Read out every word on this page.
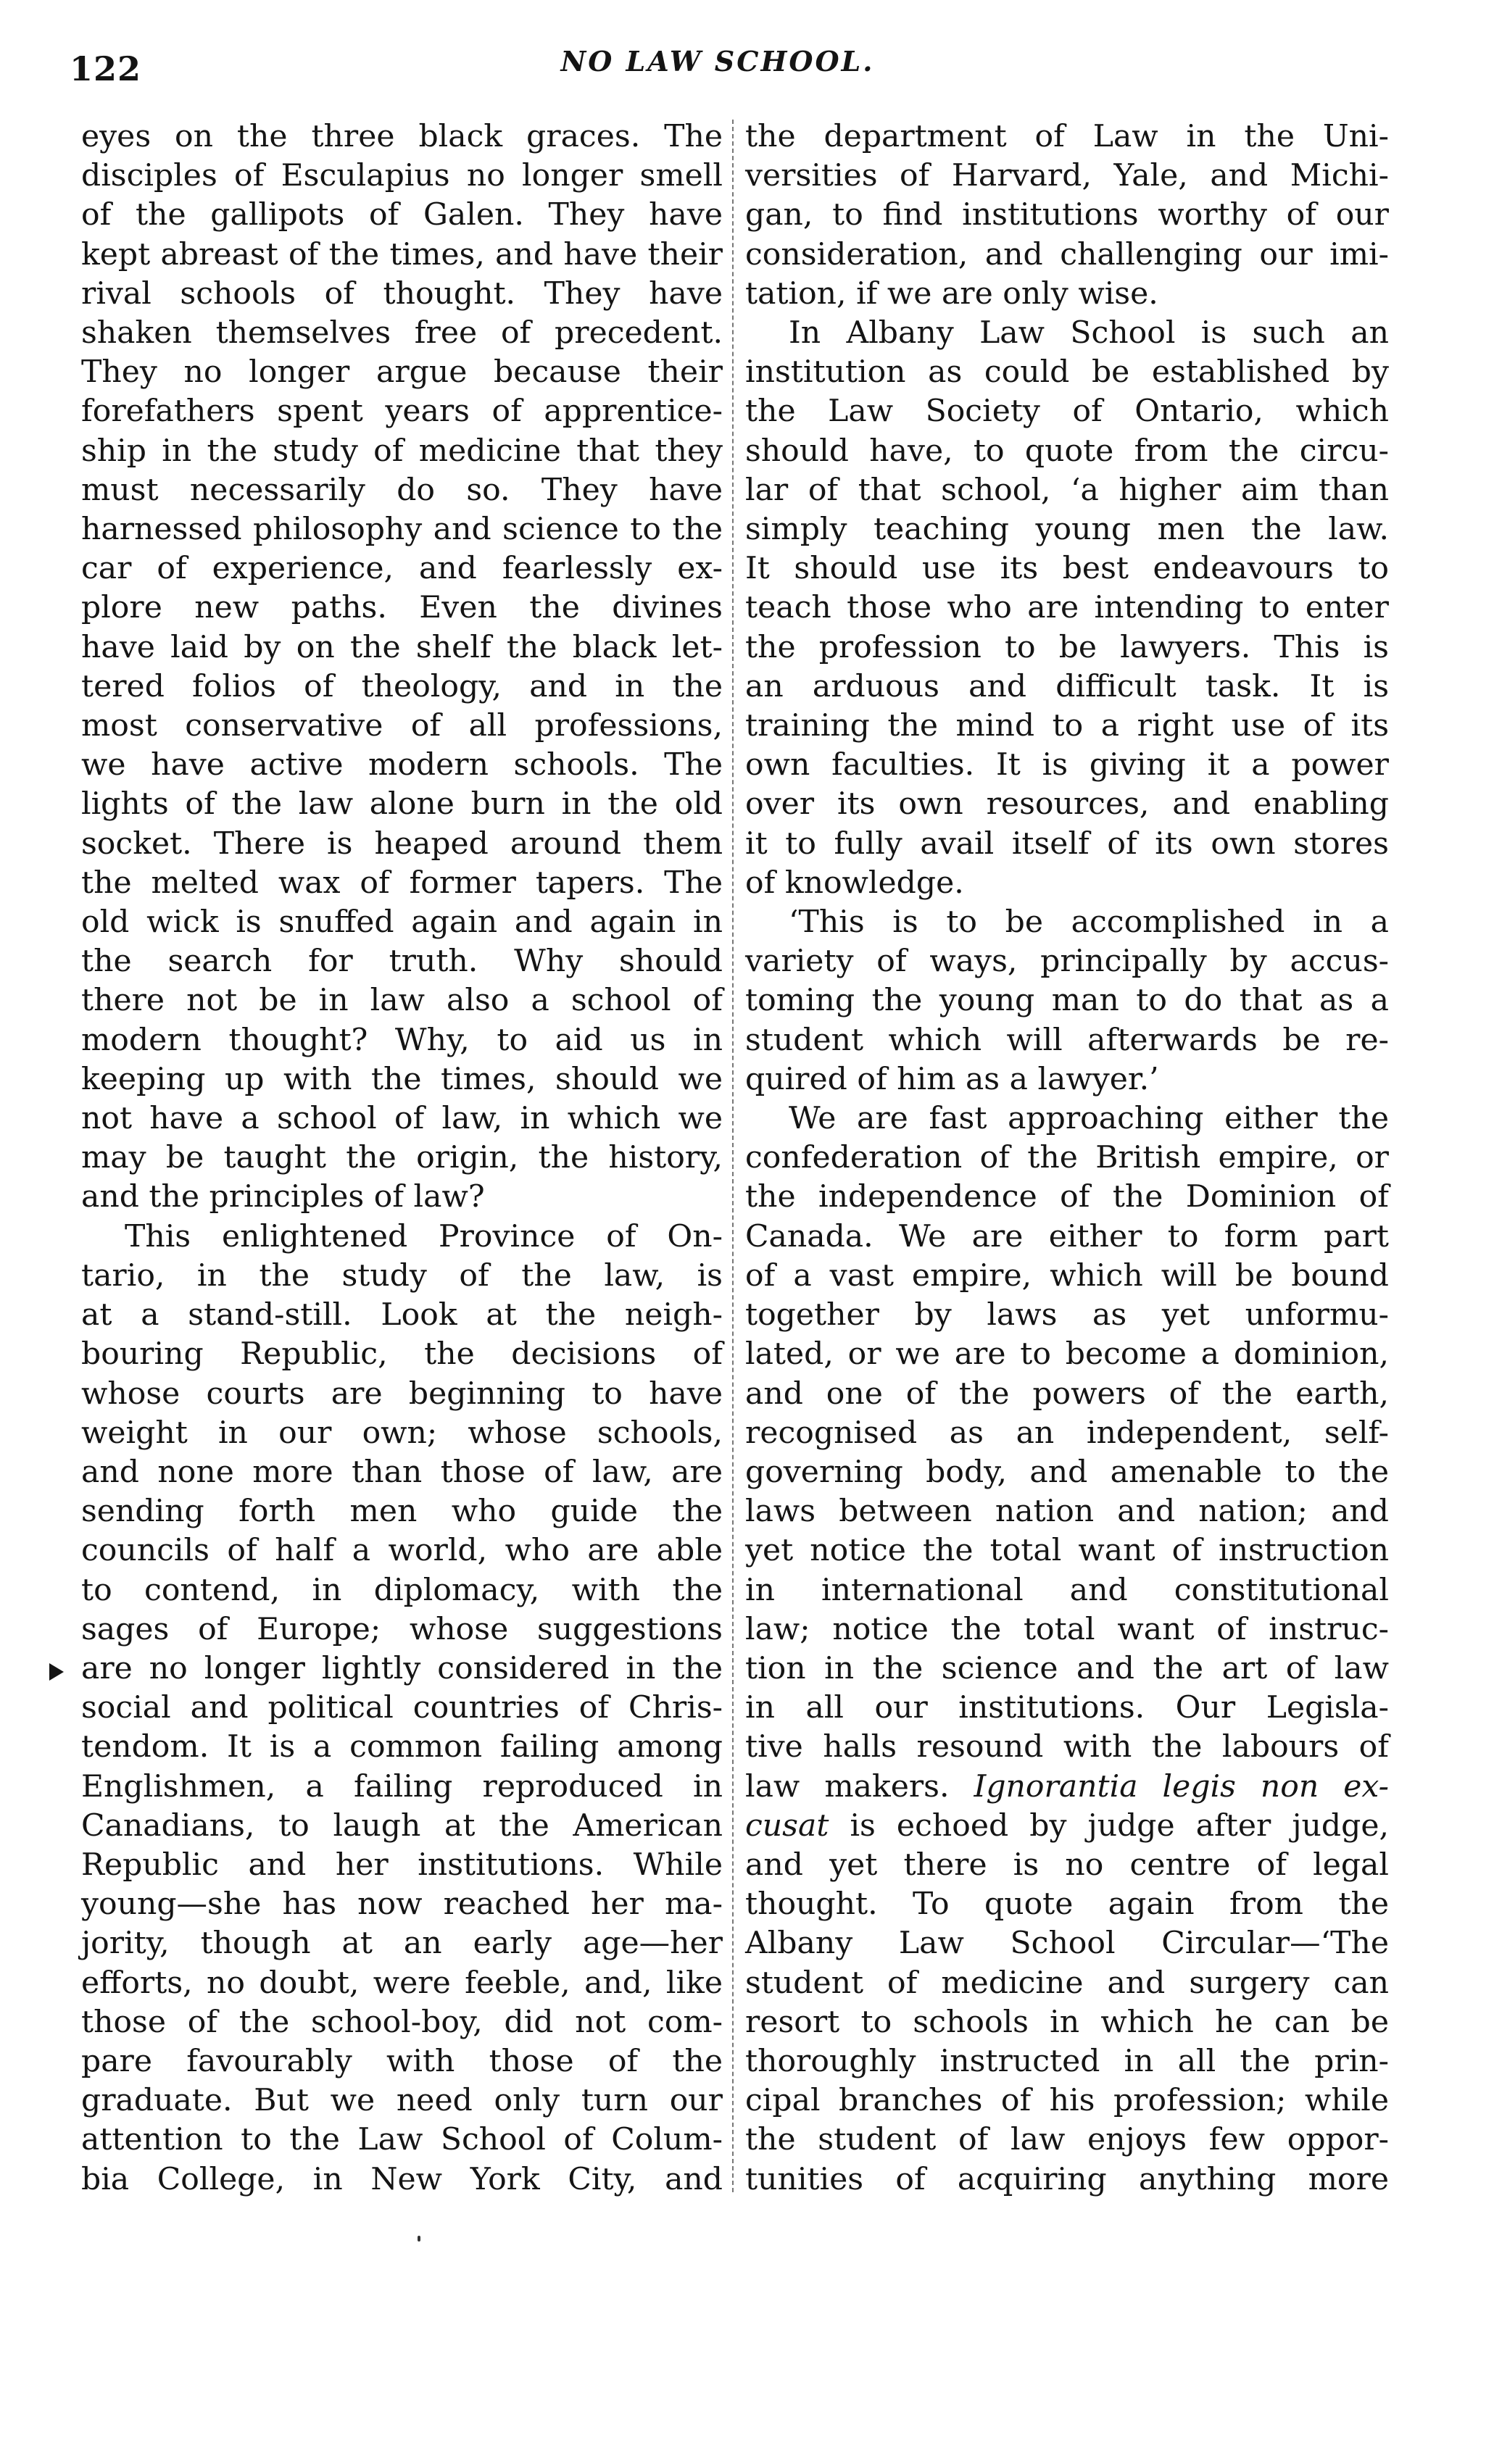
122	NO LAW SCHOOL.
eyes on the three black graces. The
disciples of Esculapius no longer smell
of the gallipots of Galen. They have
kept abreast of the times, and have their
rival schools of thought. They have
shaken themselves free of precedent.
They no longer argue because their
forefathers spent years of apprentice-
ship in the study of medicine that they
must necessarily do so. They have
harnessed philosophy and science to the
car of experience, and fearlessly ex-
plore new paths. Even the divines
have laid by on the shelf the black let-
tered folios of theology, and in the
most conservative of all professions,
we have active modern schools. The
lights of the law alone burn in the old
socket. There is heaped around them
the melted wax of former tapers. The
old wick is snuffed again and again in
the search for truth. Why should
there not be in law also a school of
modern thought? Why, to aid us in
keeping up with the times, should we
not have a school of law, in which we
may be taught the origin, the history,
and the principles of law?
This enlightened Province of On-
tario, in the study of the law, is
at a stand-still. Look at the neigh-
bouring Republic, the decisions of
whose courts are beginning to have
weight in our own; whose schools,
and none more than those of law, are
sending forth men who guide the
councils of half a world, who are able
to contend, in diplomacy, with the
sages of Europe; whose suggestions
are no longer lightly considered in the
social and political countries of Chris-
tendom. It is a common failing among
Englishmen, a failing reproduced in
Canadians, to laugh at the American
Republic and her institutions. While
young—she has now reached her ma-
jority, though at an early age—her
efforts, no doubt, were feeble, and, like
those of the school-boy, did not com-
pare favourably with those of the
graduate. But we need only turn our
attention to the Law School of Colum-
bia College, in New York City, and
the department of Law in the Uni-
versities of Harvard, Yale, and Michi-
gan, to find institutions worthy of our
consideration, and challenging our imi-
tation, if we are only wise.
In Albany Law School is such an
institution as could be established by
the Law Society of Ontario, which
should have, to quote from the circu-
lar of that school, ‘a higher aim than
simply teaching young men the law.
It should use its best endeavours to
teach those who are intending to enter
the profession to be lawyers. This is
an arduous and difficult task. It is
training the mind to a right use of its
own faculties. It is giving it a power
over its own resources, and enabling
it to fully avail itself of its own stores
of knowledge.
‘This is to be accomplished in a
variety of ways, principally by accus-
toming the young man to do that as a
student which will afterwards be re-
quired of him as a lawyer.’
We are fast approaching either the
confederation of the British empire, or
the independence of the Dominion of
Canada. We are either to form part
of a vast empire, which will be bound
together by laws as yet unformu-
lated, or we are to become a dominion,
and one of the powers of the earth,
recognised as an independent, self-
governing body, and amenable to the
laws between nation and nation; and
yet notice the total want of instruction
in international and constitutional
law; notice the total want of instruc-
tion in the science and the art of law
in all our institutions. Our Legisla-
tive halls resound with the labours of
law makers. Ignorantia legis non ex-
cusat is echoed by judge after judge,
and yet there is no centre of legal
thought. To quote again from the
Albany Law School Circular—‘The
student of medicine and surgery can
resort to schools in which he can be
thoroughly instructed in all the prin-
cipal branches of his profession; while
the student of law enjoys few oppor-
tunities of acquiring anything more
